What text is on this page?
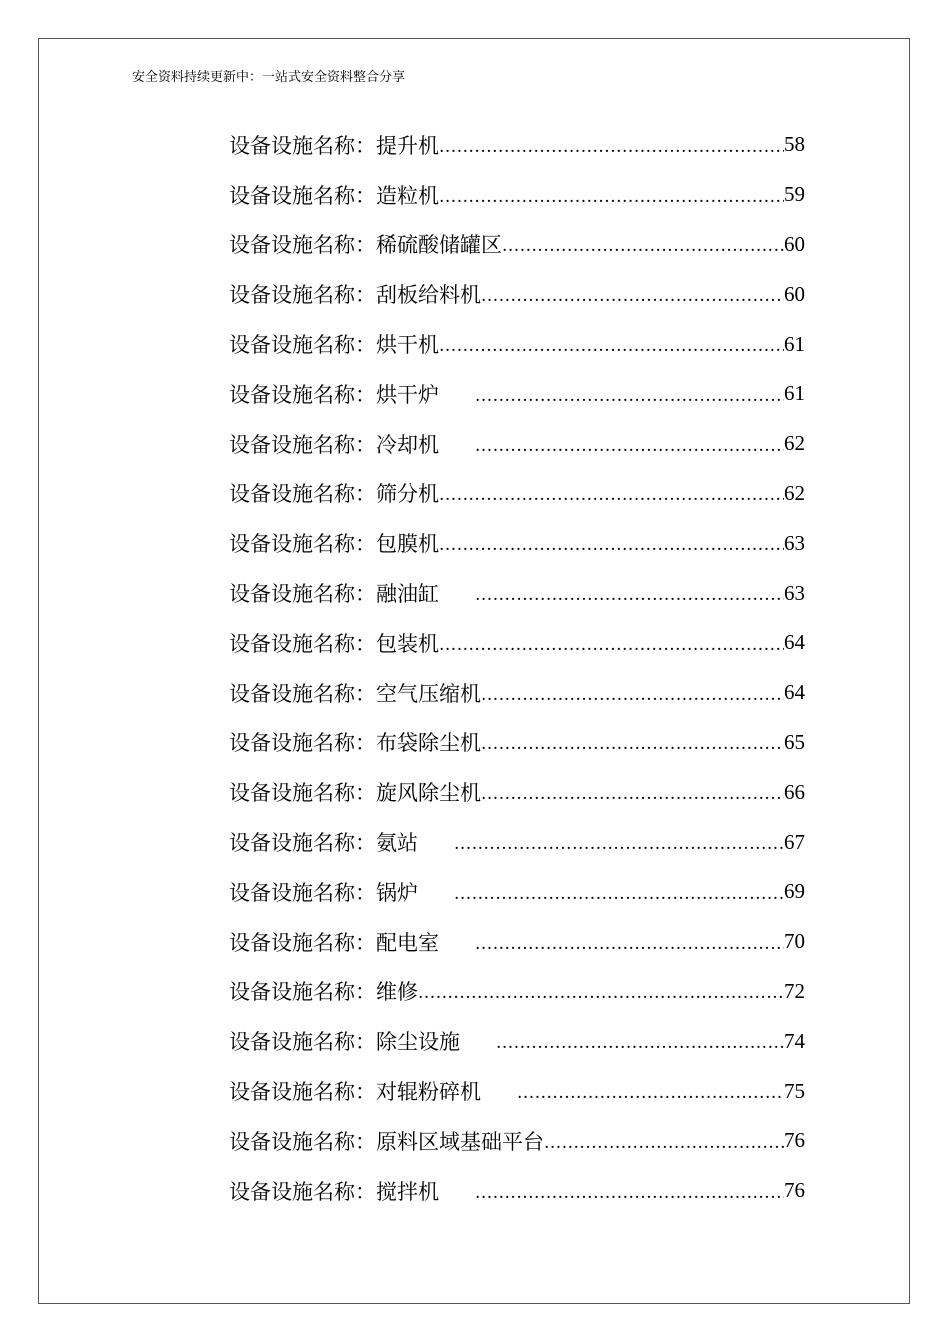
安全资料持续更新中：一站式安全资料整合分享
设备设施名称： 提升机 .....	58
设备设施名称： 造粒机 .....	59
设备设施名称： 稀硫酸储罐区 .....	60
设备设施名称： 刮板给料机 .....	60
设备设施名称： 烘干机 .....	61
设备设施名称： 烘干炉 .....	61
设备设施名称： 冷却机 .....	62
设备设施名称： 筛分机 .....	62
设备设施名称： 包膜机 .....	63
设备设施名称： 融油缸 .....	63
设备设施名称： 包装机 .....	64
设备设施名称： 空气压缩机 .....	64
设备设施名称： 布袋除尘机 .....	65
设备设施名称： 旋风除尘机 .....	66
设备设施名称： 氨站 .....	67
设备设施名称： 锅炉 .....	69
设备设施名称： 配电室 .....	70
设备设施名称： 维修 .....	72
设备设施名称： 除尘设施 .....	74
设备设施名称： 对辊粉碎机 .....	75
设备设施名称： 原料区域基础平台 .....	76
设备设施名称： 搅拌机 .....	76
